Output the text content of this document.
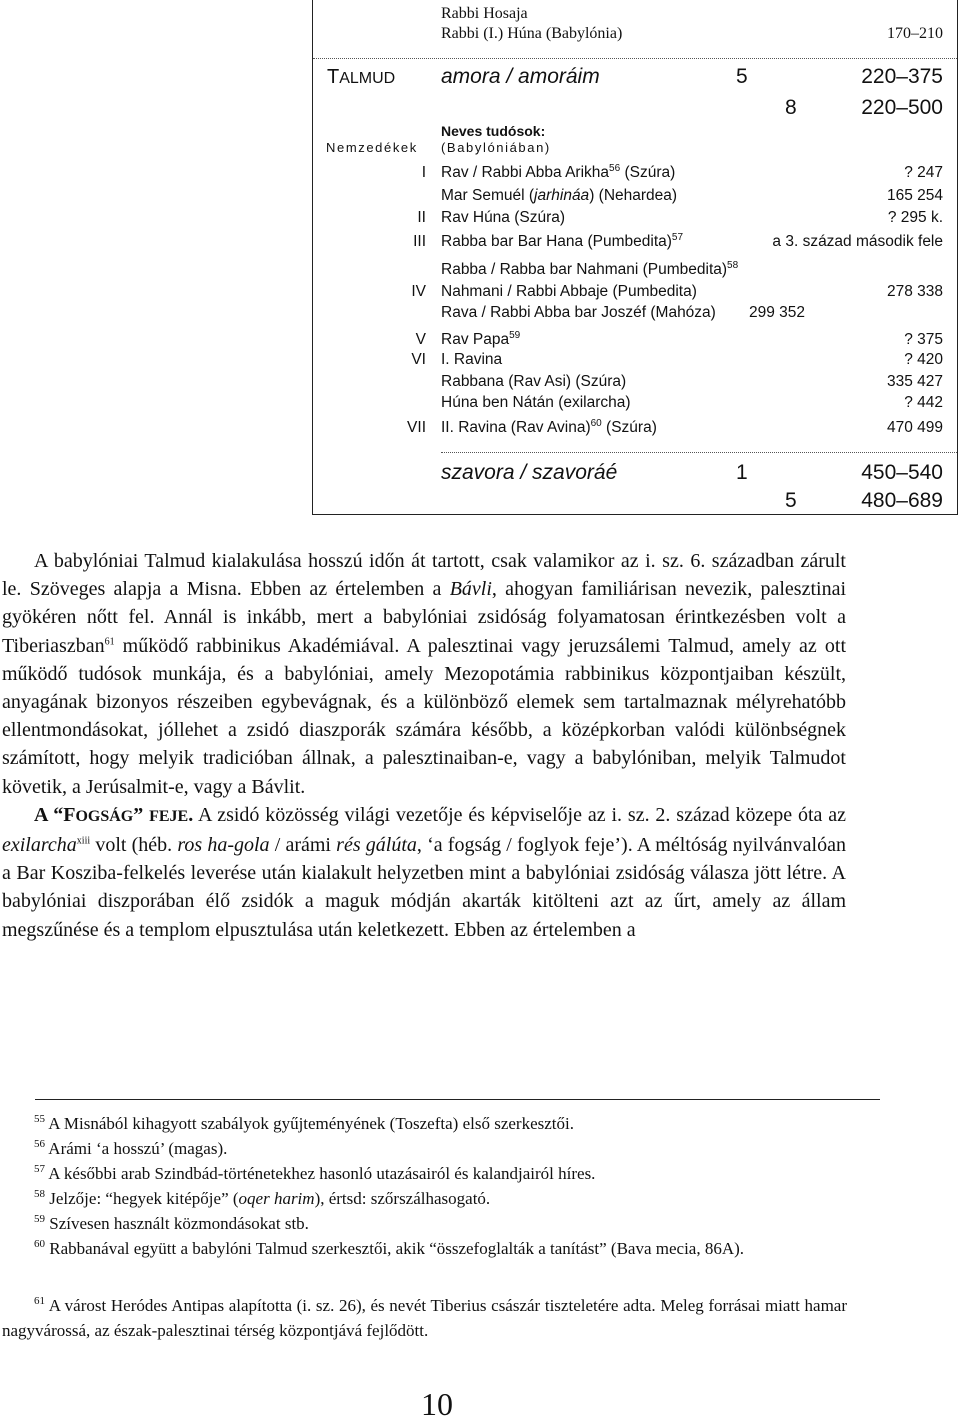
Rabbi Hosaja
Rabbi (I.) Húna (Babylónia)	170–210
TALMUD amora / amoráim	5	220–375
8	220–500
Neves tudósok:
Nemzedékek (Babylóniában)
I Rav / Rabbi Abba Arikha$^{56}$ (Szúra)	? 247
Mar Semuél (jarhináa) (Nehardea)	165 254
II Rav Húna (Szúra)	? 295 k.
III Rabba bar Bar Hana (Pumbedita)$^{57}$	a 3. század második fele
Rabba / Rabba bar Nahmani (Pumbedita)$^{58}$
IV Nahmani / Rabbi Abbaje (Pumbedita)	278 338
Rava / Rabbi Abba bar Joszéf (Mahóza) 299 352
V Rav Papa$^{59}$	? 375
VI I. Ravina	? 420
Rabbana (Rav Asi) (Szúra)	335 427
Húna ben Nátán (exilarcha)	? 442
VII II. Ravina (Rav Avina)$^{60}$ (Szúra)	470 499
szavora / szavoráé	1	450–540
5	480–689

A babylóniai Talmud kialakulása hosszú időn át tartott, csak valamikor az i. sz. 6. században zárult le. Szöveges alapja a Misna. Ebben az értelemben a Bávli, ahogyan familiárisan nevezik, palesztinai gyökéren nőtt fel. Annál is inkább, mert a babylóniai zsidóság folyamatosan érintkezésben volt a Tiberiaszban$^{61}$ működő rabbinikus Akadémiával. A palesztinai vagy jeruzsálemi Talmud, amely az ott működő tudósok munkája, és a babylóniai, amely Mezopotámia rabbinikus központjaiban készült, anyagának bizonyos részeiben egybevágnak, és a különböző elemek sem tartalmaznak mélyrehatóbb ellentmondásokat, jóllehet a zsidó diaszporák számára később, a középkorban valódi különbségnek számított, hogy melyik tradicióban állnak, a palesztinaiban-e, vagy a babylóniban, melyik Talmudot követik, a Jerúsalmit-e, vagy a Bávlit.

A “FOGSÁG” FEJE. A zsidó közösség világi vezetője és képviselője az i. sz. 2. század közepe óta az exilarcha$^{xiii}$ volt (héb. ros ha-gola / arámi rés gálúta, ‘a fogság / foglyok feje’). A méltóság nyilvánvalóan a Bar Kosziba-felkelés leverése után kialakult helyzetben mint a babylóniai zsidóság válasza jött létre. A babylóniai diszporában élő zsidók a maguk módján akarták kitölteni azt az űrt, amely az állam megszűnése és a templom elpusztulása után keletkezett. Ebben az értelemben a

$^{55}$ A Misnából kihagyott szabályok gyűjteményének (Toszefta) első szerkesztői.
$^{56}$ Arámi ‘a hosszú’ (magas).
$^{57}$ A későbbi arab Szindbád-történetekhez hasonló utazásairól és kalandjairól híres.
$^{58}$ Jelzője: “hegyek kitépője” (oqer harim), értsd: szőrszálhasogató.
$^{59}$ Szívesen használt közmondásokat stb.
$^{60}$ Rabbanával együtt a babylóni Talmud szerkesztői, akik “összefoglalták a tanítást” (Bava mecia, 86A).
$^{61}$ A várost Heródes Antipas alapította (i. sz. 26), és nevét Tiberius császár tiszteletére adta. Meleg forrásai miatt hamar nagyvárossá, az észak-palesztinai térség központjává fejlődött.
10
